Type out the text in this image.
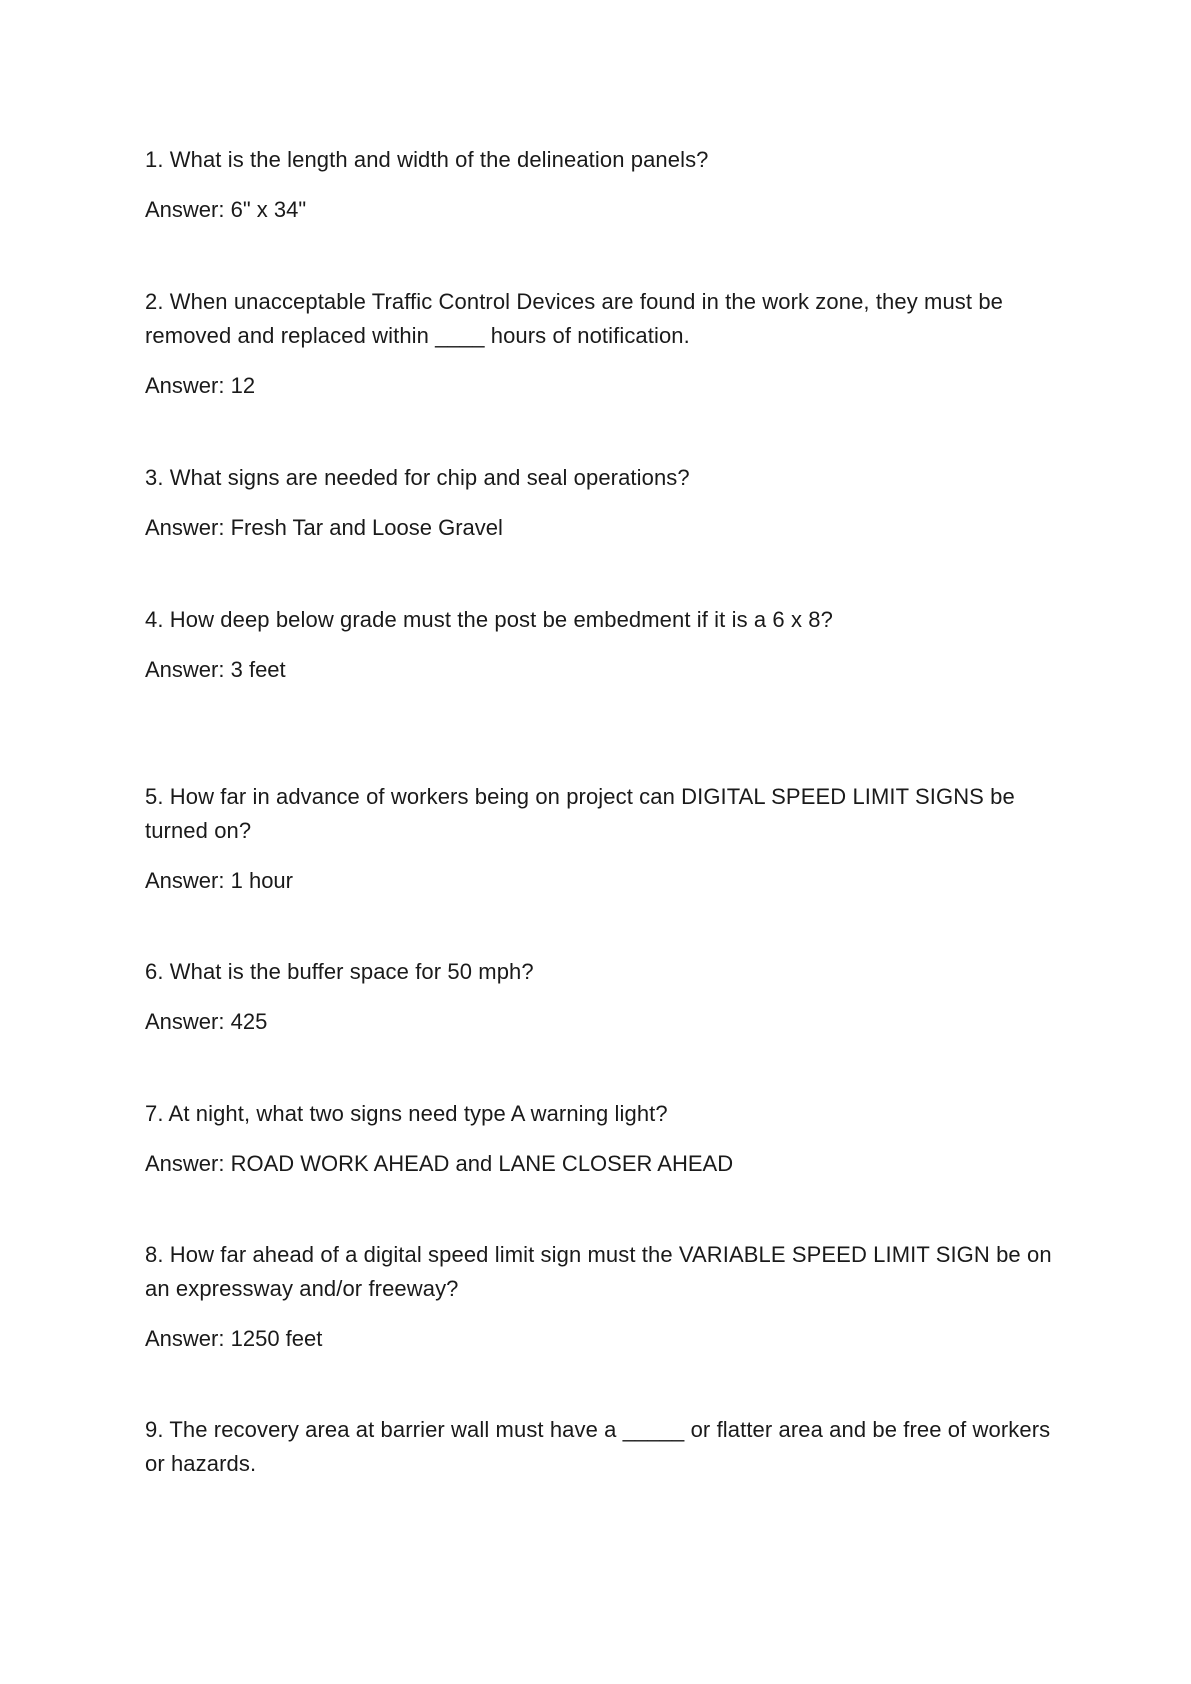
1. What is the length and width of the delineation panels?

Answer: 6" x 34"

2. When unacceptable Traffic Control Devices are found in the work zone, they must be removed and replaced within ____ hours of notification.

Answer: 12

3. What signs are needed for chip and seal operations?

Answer: Fresh Tar and Loose Gravel

4. How deep below grade must the post be embedment if it is a 6 x 8?

Answer: 3 feet

5. How far in advance of workers being on project can DIGITAL SPEED LIMIT SIGNS be turned on?

Answer: 1 hour

6. What is the buffer space for 50 mph?

Answer: 425

7. At night, what two signs need type A warning light?

Answer: ROAD WORK AHEAD and LANE CLOSER AHEAD

8. How far ahead of a digital speed limit sign must the VARIABLE SPEED LIMIT SIGN be on an expressway and/or freeway?

Answer: 1250 feet

9. The recovery area at barrier wall must have a _____ or flatter area and be free of workers or hazards.
